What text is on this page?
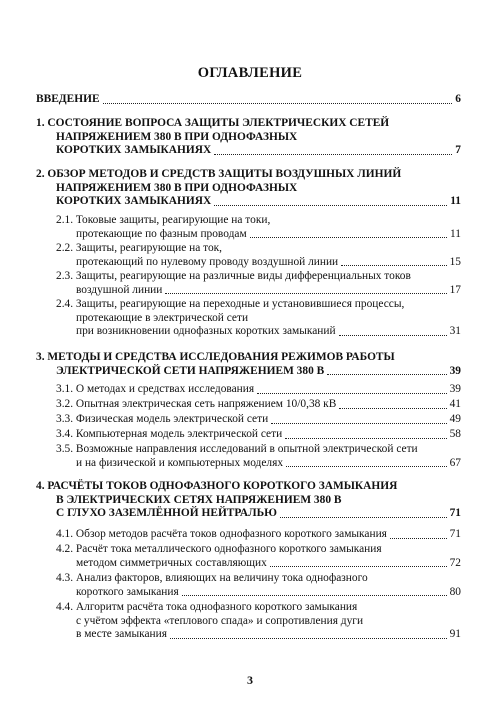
ОГЛАВЛЕНИЕ
ВВЕДЕНИЕ	6
1. СОСТОЯНИЕ ВОПРОСА ЗАЩИТЫ ЭЛЕКТРИЧЕСКИХ СЕТЕЙ
НАПРЯЖЕНИЕМ 380 В ПРИ ОДНОФАЗНЫХ
КОРОТКИХ ЗАМЫКАНИЯХ	7
2. ОБЗОР МЕТОДОВ И СРЕДСТВ ЗАЩИТЫ ВОЗДУШНЫХ ЛИНИЙ
НАПРЯЖЕНИЕМ 380 В ПРИ ОДНОФАЗНЫХ
КОРОТКИХ ЗАМЫКАНИЯХ	11
2.1. Токовые защиты, реагирующие на токи,
протекающие по фазным проводам	11
2.2. Защиты, реагирующие на ток,
протекающий по нулевому проводу воздушной линии	15
2.3. Защиты, реагирующие на различные виды дифференциальных токов
воздушной линии	17
2.4. Защиты, реагирующие на переходные и установившиеся процессы,
протекающие в электрической сети
при возникновении однофазных коротких замыканий	31
3. МЕТОДЫ И СРЕДСТВА ИССЛЕДОВАНИЯ РЕЖИМОВ РАБОТЫ
ЭЛЕКТРИЧЕСКОЙ СЕТИ НАПРЯЖЕНИЕМ 380 В	39
3.1. О методах и средствах исследования	39
3.2. Опытная электрическая сеть напряжением 10/0,38 кВ	41
3.3. Физическая модель электрической сети	49
3.4. Компьютерная модель электрической сети	58
3.5. Возможные направления исследований в опытной электрической сети
и на физической и компьютерных моделях	67
4. РАСЧЁТЫ ТОКОВ ОДНОФАЗНОГО КОРОТКОГО ЗАМЫКАНИЯ
В ЭЛЕКТРИЧЕСКИХ СЕТЯХ НАПРЯЖЕНИЕМ 380 В
С ГЛУХО ЗАЗЕМЛЁННОЙ НЕЙТРАЛЬЮ	71
4.1. Обзор методов расчёта токов однофазного короткого замыкания	71
4.2. Расчёт тока металлического однофазного короткого замыкания
методом симметричных составляющих	72
4.3. Анализ факторов, влияющих на величину тока однофазного
короткого замыкания	80
4.4. Алгоритм расчёта тока однофазного короткого замыкания
с учётом эффекта «теплового спада» и сопротивления дуги
в месте замыкания	91
3
